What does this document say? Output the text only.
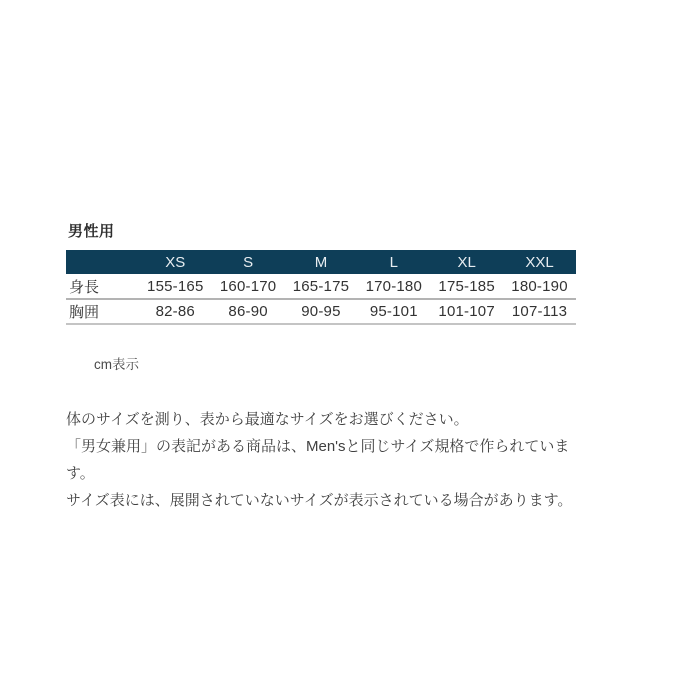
男性用
	XS	S	M	L	XL	XXL
身長	155-165	160-170	165-175	170-180	175-185	180-190
胸囲	82-86	86-90	90-95	95-101	101-107	107-113
cm表示

体のサイズを測り、表から最適なサイズをお選びください。

「男女兼用」の表記がある商品は、Men'sと同じサイズ規格で作られています。

サイズ表には、展開されていないサイズが表示されている場合があります。
